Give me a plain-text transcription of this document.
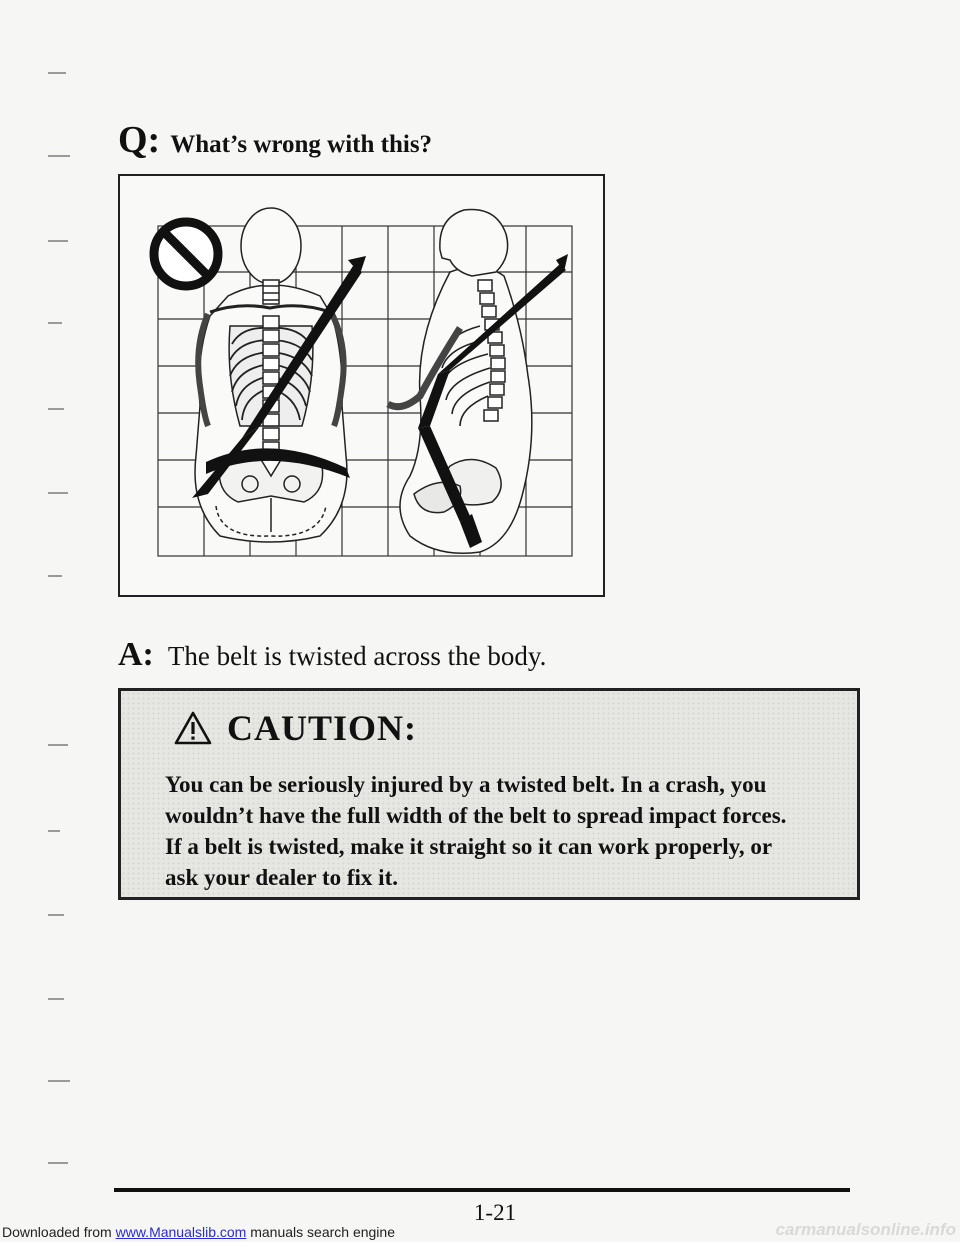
Q: What’s wrong with this?
A: The belt is twisted across the body.
CAUTION:
You can be seriously injured by a twisted belt. In a crash, you
wouldn’t have the full width of the belt to spread impact forces.
If a belt is twisted, make it straight so it can work properly, or
ask your dealer to fix it.
1-21
Downloaded from www.Manualslib.com manuals search engine	carmanualsonline.info
